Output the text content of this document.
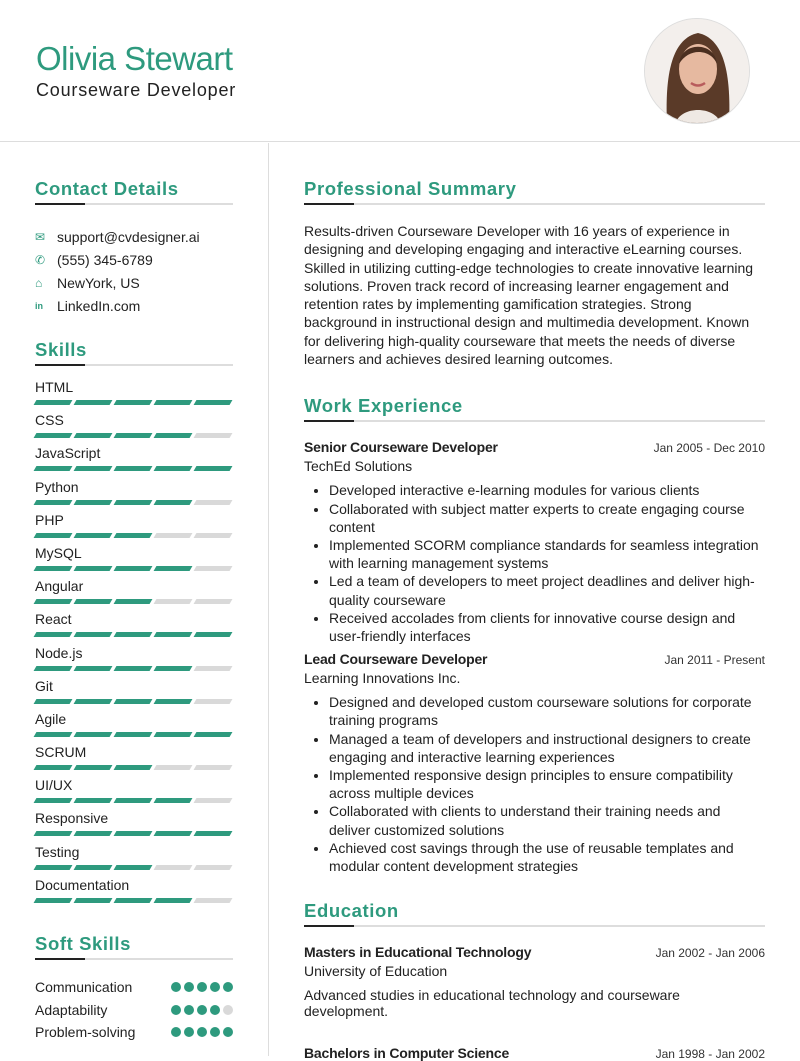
Olivia Stewart
Courseware Developer
Contact Details
✉ support@cvdesigner.ai
✆ (555) 345-6789
⌂	NewYork, US
in	LinkedIn.com
Skills
HTML
CSS
JavaScript
Python
PHP
MySQL
Angular
React
Node.js
Git
Agile
SCRUM
UI/UX
Responsive
Testing
Documentation
Soft Skills
Communication
Adaptability
Problem-solving
Professional Summary
Results-driven Courseware Developer with 16 years of experience in designing and developing engaging and interactive eLearning courses. Skilled in utilizing cutting-edge technologies to create innovative learning solutions. Proven track record of increasing learner engagement and retention rates by implementing gamification strategies. Strong background in instructional design and multimedia development. Known for delivering high-quality courseware that meets the needs of diverse learners and achieves desired learning outcomes.
Work Experience
Senior Courseware Developer	Jan 2005 - Dec 2010
TechEd Solutions
• Developed interactive e-learning modules for various clients
• Collaborated with subject matter experts to create engaging course content
• Implemented SCORM compliance standards for seamless integration with learning management systems
• Led a team of developers to meet project deadlines and deliver high-quality courseware
• Received accolades from clients for innovative course design and user-friendly interfaces
Lead Courseware Developer	Jan 2011 - Present
Learning Innovations Inc.
• Designed and developed custom courseware solutions for corporate training programs
• Managed a team of developers and instructional designers to create engaging and interactive learning experiences
• Implemented responsive design principles to ensure compatibility across multiple devices
• Collaborated with clients to understand their training needs and deliver customized solutions
• Achieved cost savings through the use of reusable templates and modular content development strategies
Education
Masters in Educational Technology	Jan 2002 - Jan 2006
University of Education
Advanced studies in educational technology and courseware development.
Bachelors in Computer Science	Jan 1998 - Jan 2002
